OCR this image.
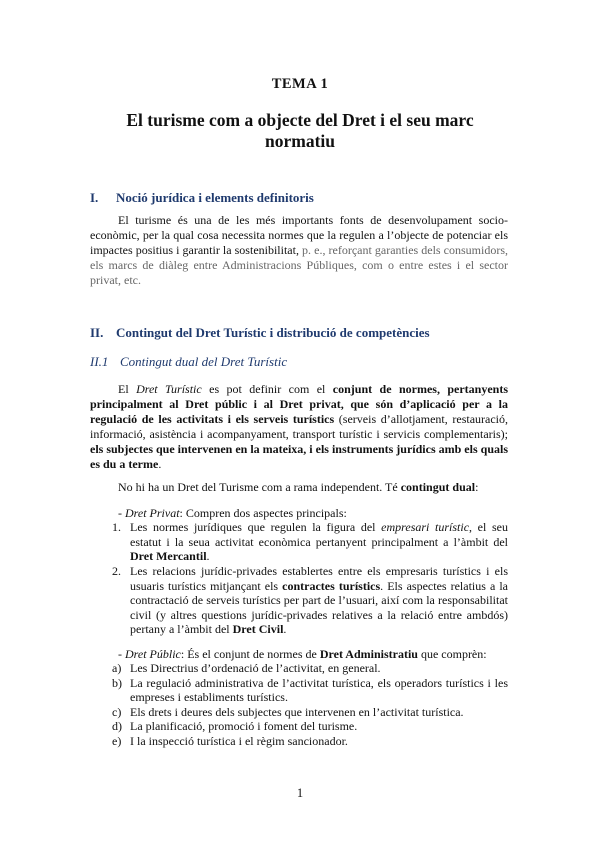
TEMA 1
El turisme com a objecte del Dret i el seu marc normatiu
I. Noció jurídica i elements definitoris

El turisme és una de les més importants fonts de desenvolupament socio-econòmic, per la qual cosa necessita normes que la regulen a l’objecte de potenciar els impactes positius i garantir la sostenibilitat, p. e., reforçant garanties dels consumidors, els marcs de diàleg entre Administracions Públiques, com o entre estes i el sector privat, etc.

II. Contingut del Dret Turístic i distribució de competències
II.1 Contingut dual del Dret Turístic

El Dret Turístic es pot definir com el conjunt de normes, pertanyents principalment al Dret públic i al Dret privat, que són d’aplicació per a la regulació de les activitats i els serveis turístics (serveis d’allotjament, restauració, informació, asistència i acompanyament, transport turístic i servicis complementaris); els subjectes que intervenen en la mateixa, i els instruments jurídics amb els quals es du a terme.

No hi ha un Dret del Turisme com a rama independent. Té contingut dual:

- Dret Privat: Compren dos aspectes principals:

1. Les normes jurídiques que regulen la figura del empresari turístic, el seu estatut i la seua activitat econòmica pertanyent principalment a l’àmbit del Dret Mercantil.
2. Les relacions jurídic-privades establertes entre els empresaris turístics i els usuaris turístics mitjançant els contractes turístics. Els aspectes relatius a la contractació de serveis turístics per part de l’usuari, així com la responsabilitat civil (y altres questions jurídic-privades relatives a la relació entre ambdós) pertany a l’àmbit del Dret Civil.

- Dret Públic: És el conjunt de normes de Dret Administratiu que comprèn:

a) Les Directrius d’ordenació de l’activitat, en general.
b) La regulació administrativa de l’activitat turística, els operadors turístics i les empreses i establiments turístics.
c) Els drets i deures dels subjectes que intervenen en l’activitat turística.
d) La planificació, promoció i foment del turisme.
e) I la inspecció turística i el règim sancionador.
1
